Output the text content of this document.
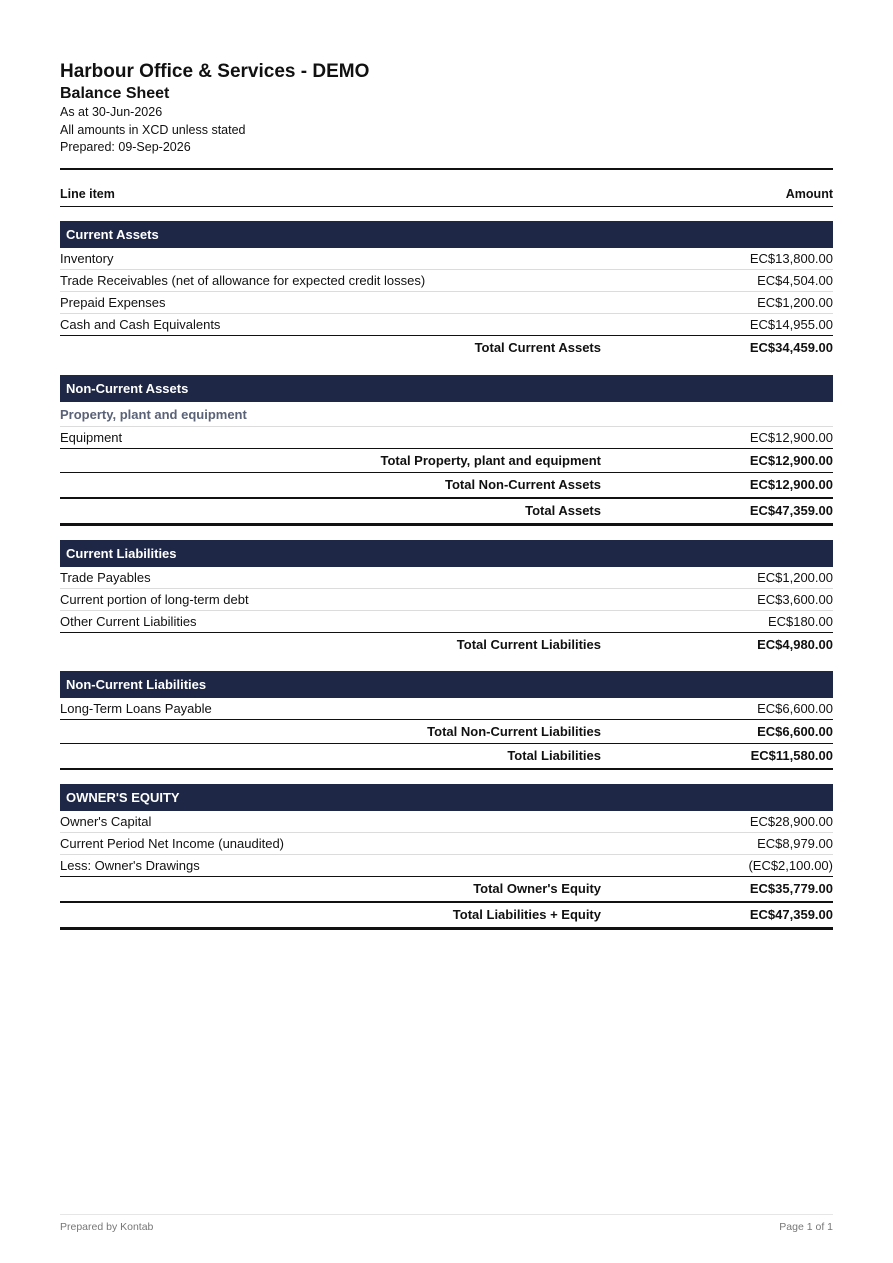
Harbour Office & Services - DEMO
Balance Sheet
As at 30-Jun-2026
All amounts in XCD unless stated
Prepared: 09-Sep-2026
Line item	Amount
Current Assets
Inventory	EC$13,800.00
Trade Receivables (net of allowance for expected credit losses)	EC$4,504.00
Prepaid Expenses	EC$1,200.00
Cash and Cash Equivalents	EC$14,955.00
Total Current Assets	EC$34,459.00
Non-Current Assets
Property, plant and equipment
Equipment	EC$12,900.00
Total Property, plant and equipment	EC$12,900.00
Total Non-Current Assets	EC$12,900.00
Total Assets	EC$47,359.00
Current Liabilities
Trade Payables	EC$1,200.00
Current portion of long-term debt	EC$3,600.00
Other Current Liabilities	EC$180.00
Total Current Liabilities	EC$4,980.00
Non-Current Liabilities
Long-Term Loans Payable	EC$6,600.00
Total Non-Current Liabilities	EC$6,600.00
Total Liabilities	EC$11,580.00
OWNER'S EQUITY
Owner's Capital	EC$28,900.00
Current Period Net Income (unaudited)	EC$8,979.00
Less: Owner's Drawings	(EC$2,100.00)
Total Owner's Equity	EC$35,779.00
Total Liabilities + Equity	EC$47,359.00
Prepared by Kontab	Page 1 of 1
